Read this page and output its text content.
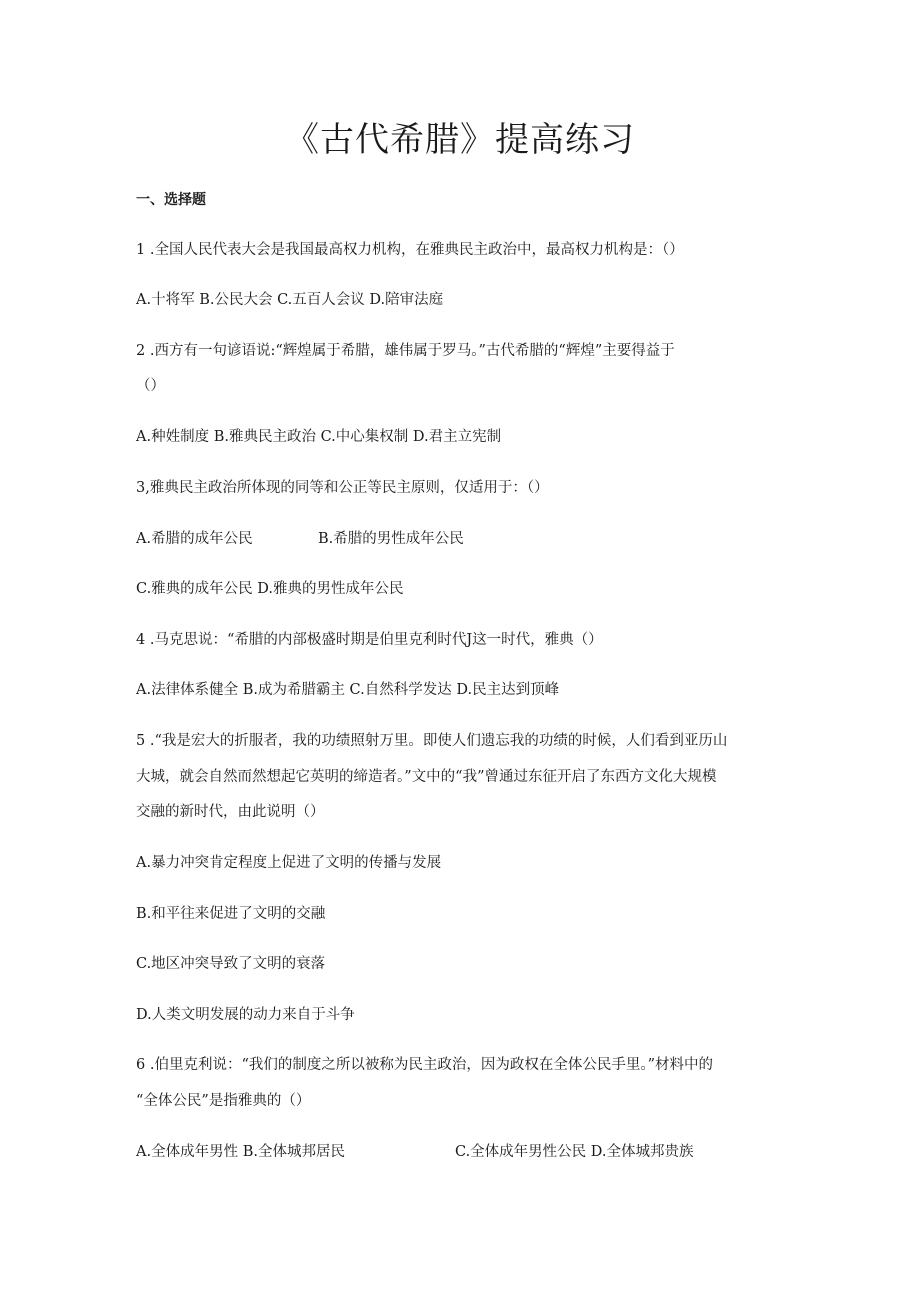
《古代希腊》提高练习
一、选择题
1 .全国人民代表大会是我国最高权力机构，在雅典民主政治中，最高权力机构是：（）
A.十将军 B.公民大会 C.五百人会议 D.陪审法庭
2 .西方有一句谚语说:“辉煌属于希腊，雄伟属于罗马。”古代希腊的“辉煌”主要得益于
（）
A.种姓制度 B.雅典民主政治 C.中心集权制 D.君主立宪制
3,雅典民主政治所体现的同等和公正等民主原则，仅适用于：（）
A.希腊的成年公民	B.希腊的男性成年公民
C.雅典的成年公民 D.雅典的男性成年公民
4 .马克思说：“希腊的内部极盛时期是伯里克利时代J这一时代，雅典（）
A.法律体系健全 B.成为希腊霸主 C.自然科学发达 D.民主达到顶峰
5 .“我是宏大的折服者，我的功绩照射万里。即使人们遗忘我的功绩的时候，人们看到亚历山
大城，就会自然而然想起它英明的缔造者。”文中的“我”曾通过东征开启了东西方文化大规模
交融的新时代，由此说明（）
A.暴力冲突肯定程度上促进了文明的传播与发展
B.和平往来促进了文明的交融
C.地区冲突导致了文明的衰落
D.人类文明发展的动力来自于斗争
6 .伯里克利说：“我们的制度之所以被称为民主政治，因为政权在全体公民手里。”材料中的
“全体公民”是指雅典的（）
A.全体成年男性 B.全体城邦居民	C.全体成年男性公民 D.全体城邦贵族
